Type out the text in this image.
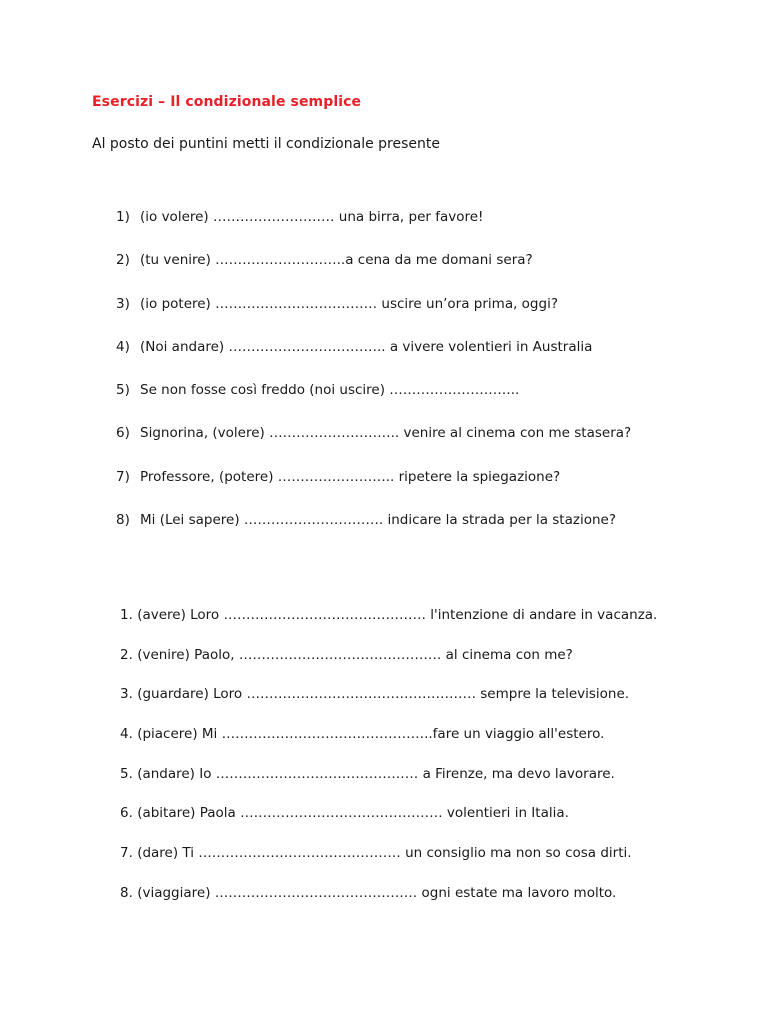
Esercizi – Il condizionale semplice
Al posto dei puntini metti il condizionale presente
1) (io volere) ……………………… una birra, per favore!
2) (tu venire) ………………………..a cena da me domani sera?
3) (io potere) ……………………………… uscire un’ora prima, oggi?
4) (Noi andare) …………………………….. a vivere volentieri in Australia
5) Se non fosse così freddo (noi uscire) ………………………..
6) Signorina, (volere) ……………………….. venire al cinema con me stasera?
7) Professore, (potere) …………………….. ripetere la spiegazione?
8) Mi (Lei sapere) …………………………. indicare la strada per la stazione?
1. (avere) Loro ……………………………………… l'intenzione di andare in vacanza.
2. (venire) Paolo, ……………………………………… al cinema con me?
3. (guardare) Loro …………………………………………… sempre la televisione.
4. (piacere) Mi ………………………………………..fare un viaggio all'estero.
5. (andare) Io ……………………………………… a Firenze, ma devo lavorare.
6. (abitare) Paola ……………………………………… volentieri in Italia.
7. (dare) Ti ……………………………………… un consiglio ma non so cosa dirti.
8. (viaggiare) ……………………………………… ogni estate ma lavoro molto.
